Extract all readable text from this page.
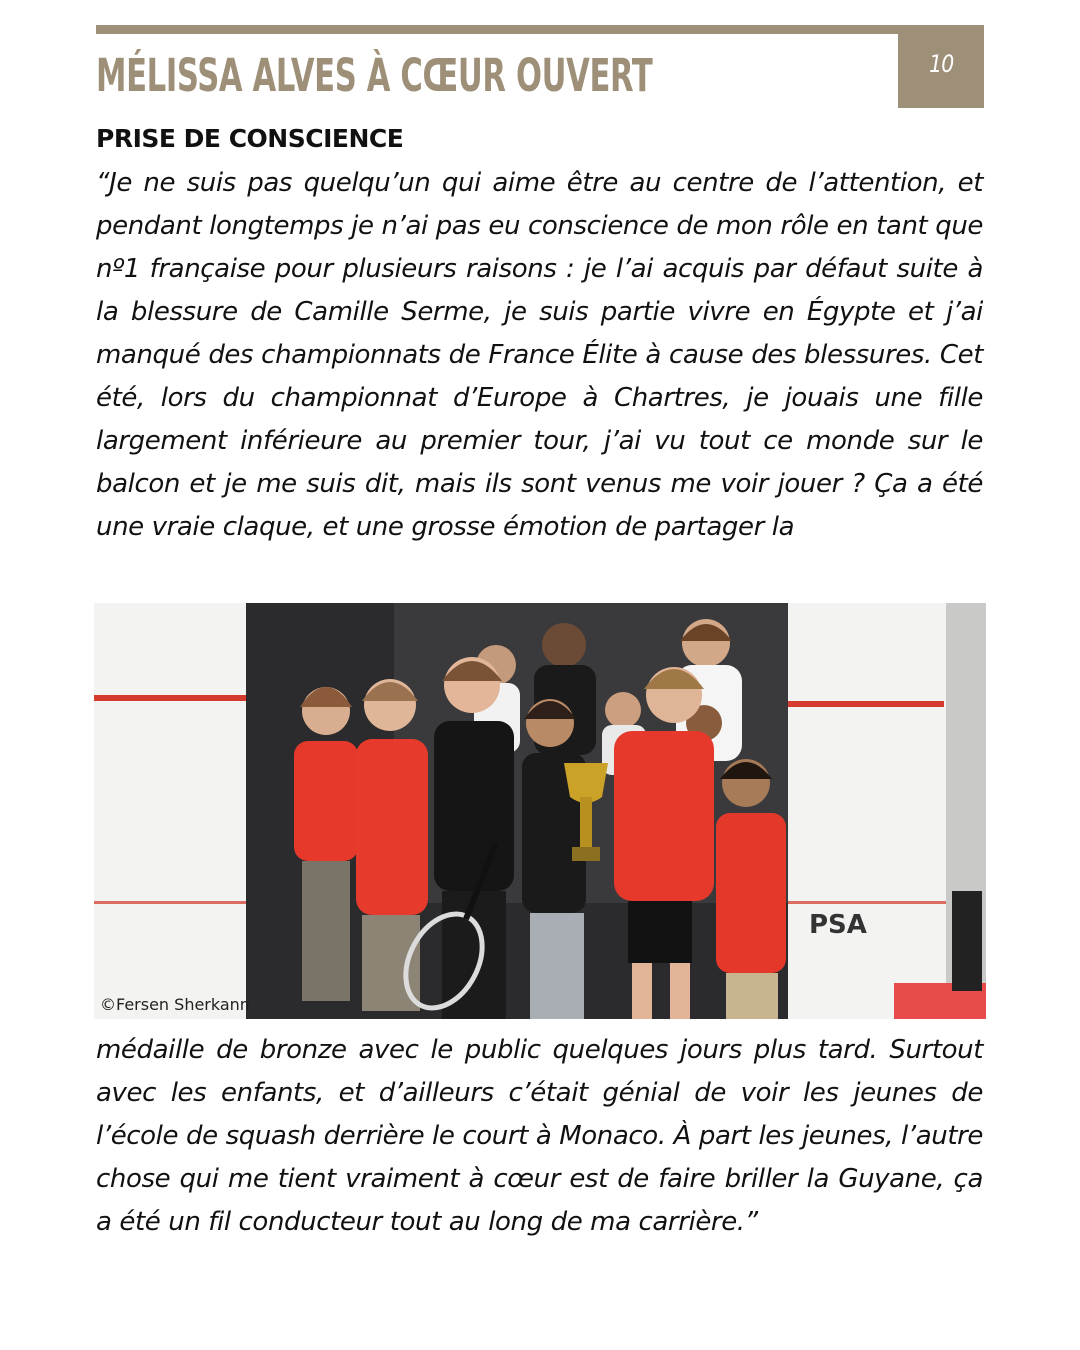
10
MÉLISSA ALVES À CŒUR OUVERT
PRISE DE CONSCIENCE

“Je ne suis pas quelqu’un qui aime être au centre de l’attention, et pendant longtemps je n’ai pas eu conscience de mon rôle en tant que nº1 française pour plusieurs raisons : je l’ai acquis par défaut suite à la blessure de Camille Serme, je suis partie vivre en Égypte et j’ai manqué des championnats de France Élite à cause des blessures. Cet été, lors du championnat d’Europe à Chartres, je jouais une fille largement inférieure au premier tour, j’ai vu tout ce monde sur le balcon et je me suis dit, mais ils sont venus me voir jouer ? Ça a été une vraie claque, et une grosse émotion de partager la

PSA
©Fersen Sherkann

médaille de bronze avec le public quelques jours plus tard. Surtout avec les enfants, et d’ailleurs c’était génial de voir les jeunes de l’école de squash derrière le court à Monaco. À part les jeunes, l’autre chose qui me tient vraiment à cœur est de faire briller la Guyane, ça a été un fil conducteur tout au long de ma carrière.”
